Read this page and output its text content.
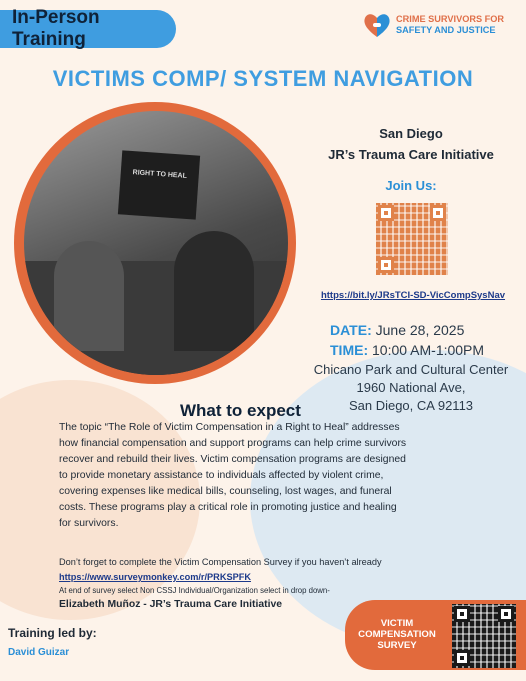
In-Person Training
CRIME SURVIVORS FOR
SAFETY AND JUSTICE
VICTIMS COMP/ SYSTEM NAVIGATION
RIGHT TO HEAL
San Diego
JR’s Trauma Care Initiative
Join Us:
https://bit.ly/JRsTCI-SD-VicCompSysNav
DATE: June 28, 2025
TIME: 10:00 AM-1:00PM
Chicano Park and Cultural Center
1960 National Ave,
San Diego, CA 92113
What to expect
The topic “The Role of Victim Compensation in a Right to Heal” addresses how financial compensation and support programs can help crime survivors recover and rebuild their lives. Victim compensation programs are designed to provide monetary assistance to individuals affected by violent crime, covering expenses like medical bills, counseling, lost wages, and funeral costs. These programs play a critical role in promoting justice and healing for survivors.
Don’t forget to complete the Victim Compensation Survey if you haven’t already https://www.surveymonkey.com/r/PRKSPFK
At end of survey select Non CSSJ Individual/Organization select in drop down-
Elizabeth Muñoz - JR’s Trauma Care Initiative
Training led by:
David Guizar
VICTIM
COMPENSATION
SURVEY
